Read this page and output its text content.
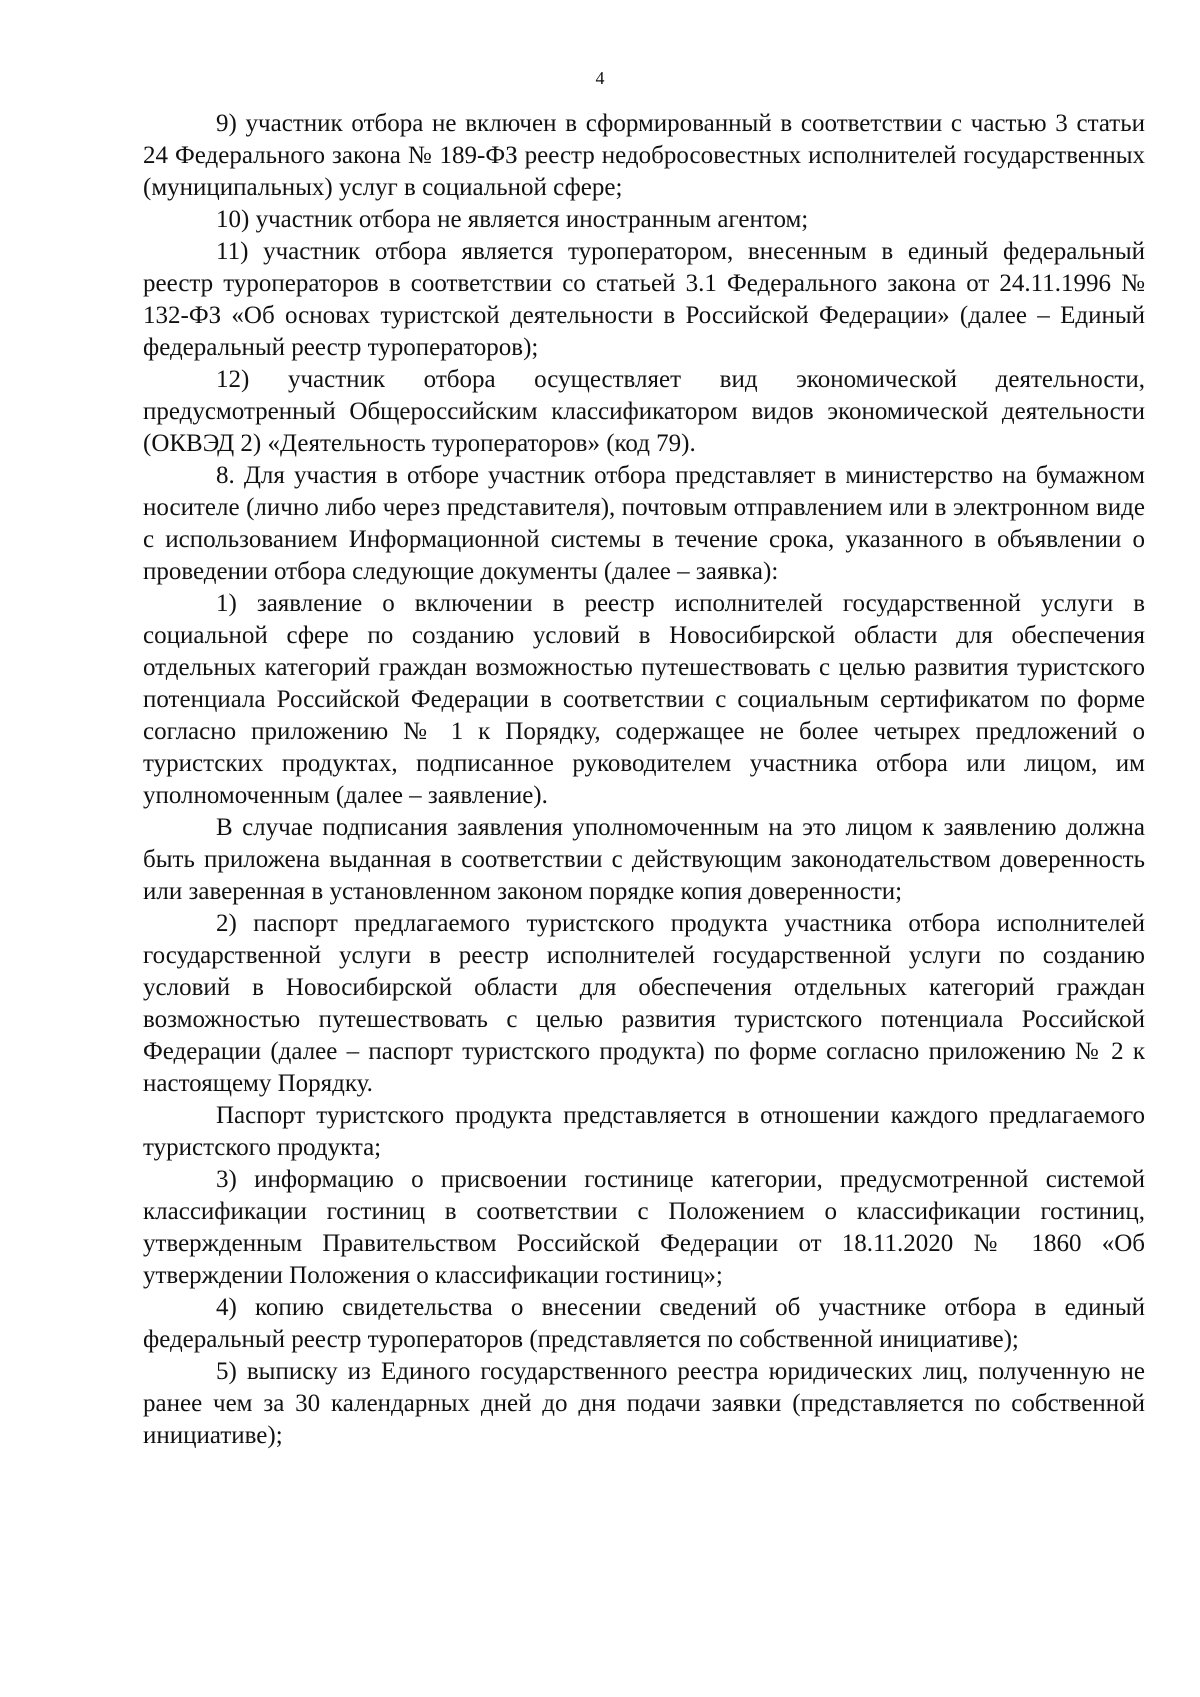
4

9) участник отбора не включен в сформированный в соответствии с частью 3 статьи 24 Федерального закона № 189-ФЗ реестр недобросовестных исполнителей государственных (муниципальных) услуг в социальной сфере;

10) участник отбора не является иностранным агентом;

11) участник отбора является туроператором, внесенным в единый федеральный реестр туроператоров в соответствии со статьей 3.1 Федерального закона от 24.11.1996 № 132-ФЗ «Об основах туристской деятельности в Российской Федерации» (далее – Единый федеральный реестр туроператоров);

12) участник отбора осуществляет вид экономической деятельности, предусмотренный Общероссийским классификатором видов экономической деятельности (ОКВЭД 2) «Деятельность туроператоров» (код 79).

8. Для участия в отборе участник отбора представляет в министерство на бумажном носителе (лично либо через представителя), почтовым отправлением или в электронном виде с использованием Информационной системы в течение срока, указанного в объявлении о проведении отбора следующие документы (далее – заявка):

1) заявление о включении в реестр исполнителей государственной услуги в социальной сфере по созданию условий в Новосибирской области для обеспечения отдельных категорий граждан возможностью путешествовать с целью развития туристского потенциала Российской Федерации в соответствии с социальным сертификатом по форме согласно приложению № 1 к Порядку, содержащее не более четырех предложений о туристских продуктах, подписанное руководителем участника отбора или лицом, им уполномоченным (далее – заявление).

В случае подписания заявления уполномоченным на это лицом к заявлению должна быть приложена выданная в соответствии с действующим законодательством доверенность или заверенная в установленном законом порядке копия доверенности;

2) паспорт предлагаемого туристского продукта участника отбора исполнителей государственной услуги в реестр исполнителей государственной услуги по созданию условий в Новосибирской области для обеспечения отдельных категорий граждан возможностью путешествовать с целью развития туристского потенциала Российской Федерации (далее – паспорт туристского продукта) по форме согласно приложению № 2 к настоящему Порядку.

Паспорт туристского продукта представляется в отношении каждого предлагаемого туристского продукта;

3) информацию о присвоении гостинице категории, предусмотренной системой классификации гостиниц в соответствии с Положением о классификации гостиниц, утвержденным Правительством Российской Федерации от 18.11.2020 № 1860 «Об утверждении Положения о классификации гостиниц»;

4) копию свидетельства о внесении сведений об участнике отбора в единый федеральный реестр туроператоров (представляется по собственной инициативе);

5) выписку из Единого государственного реестра юридических лиц, полученную не ранее чем за 30 календарных дней до дня подачи заявки (представляется по собственной инициативе);
